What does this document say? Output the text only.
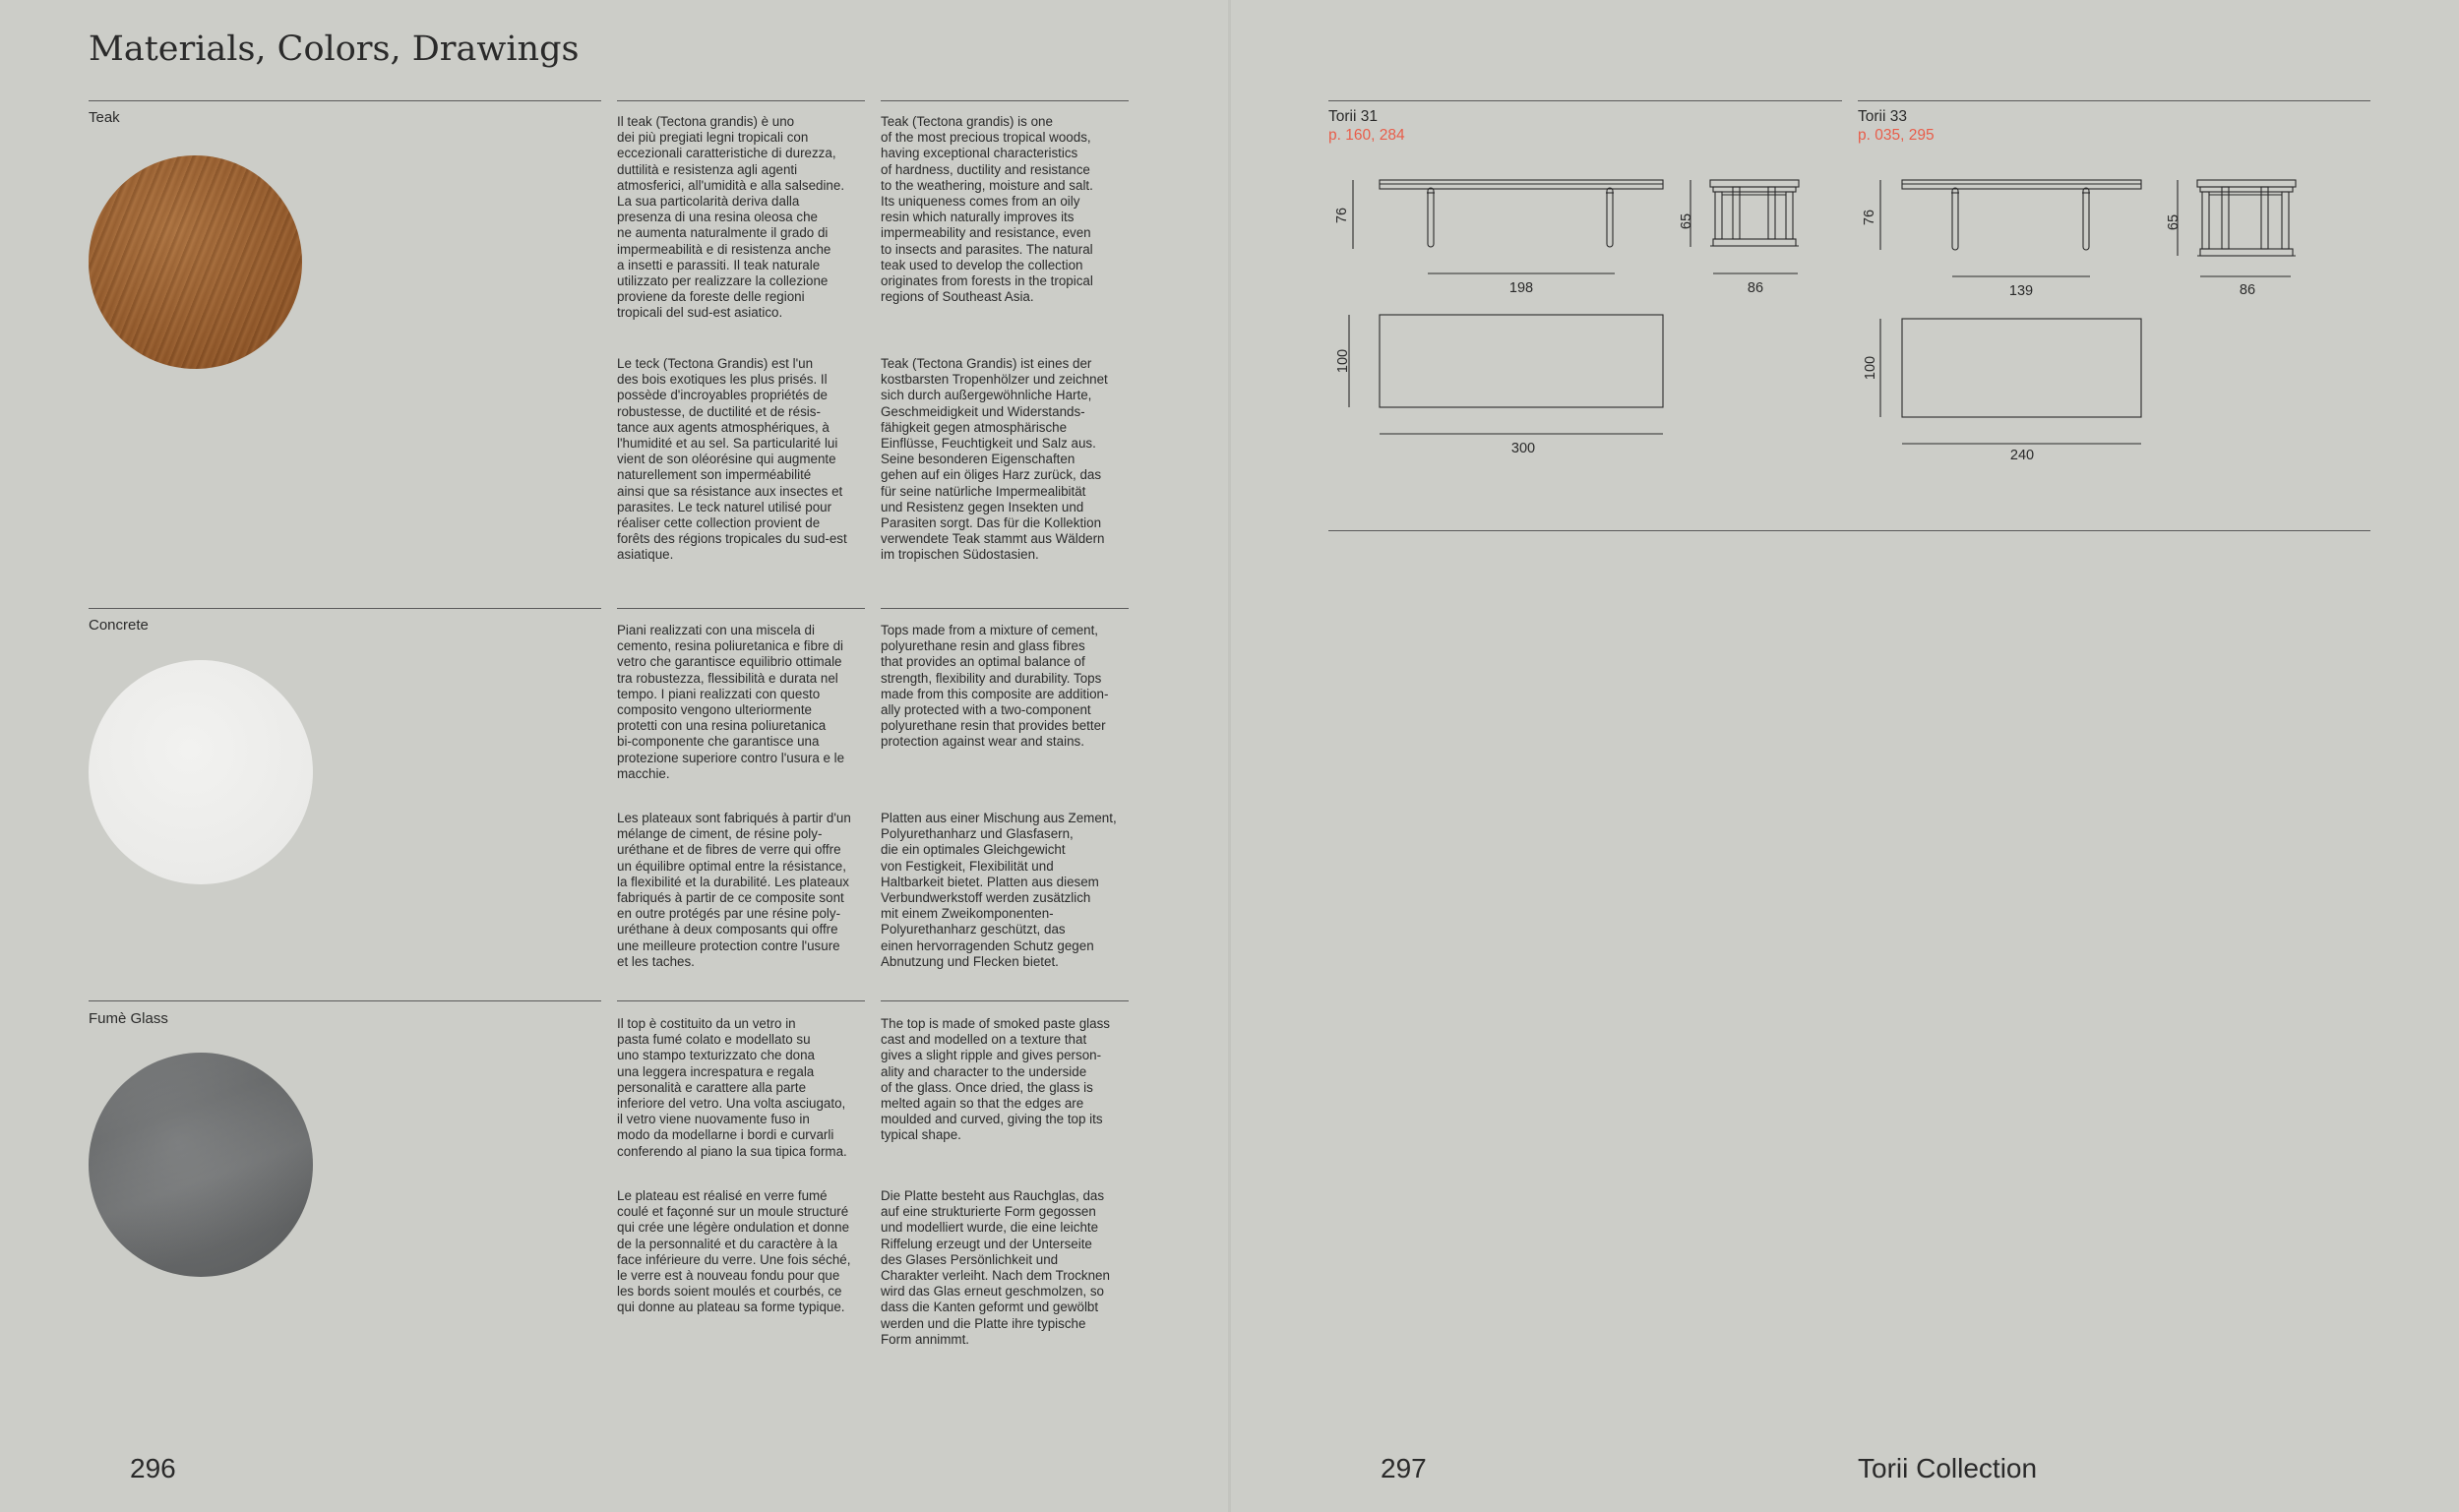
Materials, Colors, Drawings
Teak	Il teak (Tectona grandis) è uno
dei più pregiati legni tropicali con
eccezionali caratteristiche di durezza,
duttilità e resistenza agli agenti
atmosferici, all'umidità e alla salsedine.
La sua particolarità deriva dalla
presenza di una resina oleosa che
ne aumenta naturalmente il grado di
impermeabilità e di resistenza anche
a insetti e parassiti. Il teak naturale
utilizzato per realizzare la collezione
proviene da foreste delle regioni
tropicali del sud-est asiatico.
Teak (Tectona grandis) is one
of the most precious tropical woods,
having exceptional characteristics
of hardness, ductility and resistance
to the weathering, moisture and salt.
Its uniqueness comes from an oily
resin which naturally improves its
impermeability and resistance, even
to insects and parasites. The natural
teak used to develop the collection
originates from forests in the tropical
regions of Southeast Asia.
Le teck (Tectona Grandis) est l'un
des bois exotiques les plus prisés. Il
possède d'incroyables propriétés de
robustesse, de ductilité et de résis-
tance aux agents atmosphériques, à
l'humidité et au sel. Sa particularité lui
vient de son oléorésine qui augmente
naturellement son imperméabilité
ainsi que sa résistance aux insectes et
parasites. Le teck naturel utilisé pour
réaliser cette collection provient de
forêts des régions tropicales du sud-est
asiatique.
Teak (Tectona Grandis) ist eines der
kostbarsten Tropenhölzer und zeichnet
sich durch außergewöhnliche Harte,
Geschmeidigkeit und Widerstands-
fähigkeit gegen atmosphärische
Einflüsse, Feuchtigkeit und Salz aus.
Seine besonderen Eigenschaften
gehen auf ein öliges Harz zurück, das
für seine natürliche Impermealibität
und Resistenz gegen Insekten und
Parasiten sorgt. Das für die Kollektion
verwendete Teak stammt aus Wäldern
im tropischen Südostasien.
Concrete	Piani realizzati con una miscela di
cemento, resina poliuretanica e fibre di
vetro che garantisce equilibrio ottimale
tra robustezza, flessibilità e durata nel
tempo. I piani realizzati con questo
composito vengono ulteriormente
protetti con una resina poliuretanica
bi-componente che garantisce una
protezione superiore contro l'usura e le
macchie.
Tops made from a mixture of cement,
polyurethane resin and glass fibres
that provides an optimal balance of
strength, flexibility and durability. Tops
made from this composite are addition-
ally protected with a two-component
polyurethane resin that provides better
protection against wear and stains.
Les plateaux sont fabriqués à partir d'un
mélange de ciment, de résine poly-
uréthane et de fibres de verre qui offre
un équilibre optimal entre la résistance,
la flexibilité et la durabilité. Les plateaux
fabriqués à partir de ce composite sont
en outre protégés par une résine poly-
uréthane à deux composants qui offre
une meilleure protection contre l'usure
et les taches.
Platten aus einer Mischung aus Zement,
Polyurethanharz und Glasfasern,
die ein optimales Gleichgewicht
von Festigkeit, Flexibilität und
Haltbarkeit bietet. Platten aus diesem
Verbundwerkstoff werden zusätzlich
mit einem Zweikomponenten-
Polyurethanharz geschützt, das
einen hervorragenden Schutz gegen
Abnutzung und Flecken bietet.
Fumè Glass	Il top è costituito da un vetro in
pasta fumé colato e modellato su
uno stampo texturizzato che dona
una leggera increspatura e regala
personalità e carattere alla parte
inferiore del vetro. Una volta asciugato,
il vetro viene nuovamente fuso in
modo da modellarne i bordi e curvarli
conferendo al piano la sua tipica forma.
The top is made of smoked paste glass
cast and modelled on a texture that
gives a slight ripple and gives person-
ality and character to the underside
of the glass. Once dried, the glass is
melted again so that the edges are
moulded and curved, giving the top its
typical shape.
Le plateau est réalisé en verre fumé
coulé et façonné sur un moule structuré
qui crée une légère ondulation et donne
de la personnalité et du caractère à la
face inférieure du verre. Une fois séché,
le verre est à nouveau fondu pour que
les bords soient moulés et courbés, ce
qui donne au plateau sa forme typique.
Die Platte besteht aus Rauchglas, das
auf eine strukturierte Form gegossen
und modelliert wurde, die eine leichte
Riffelung erzeugt und der Unterseite
des Glases Persönlichkeit und
Charakter verleiht. Nach dem Trocknen
wird das Glas erneut geschmolzen, so
dass die Kanten geformt und gewölbt
werden und die Platte ihre typische
Form annimmt.
296
Torii 31
p. 160, 284
Torii 33
p. 035, 295
76
198
65
86
100
300
76
139
65
86
100
240
297	Torii Collection
